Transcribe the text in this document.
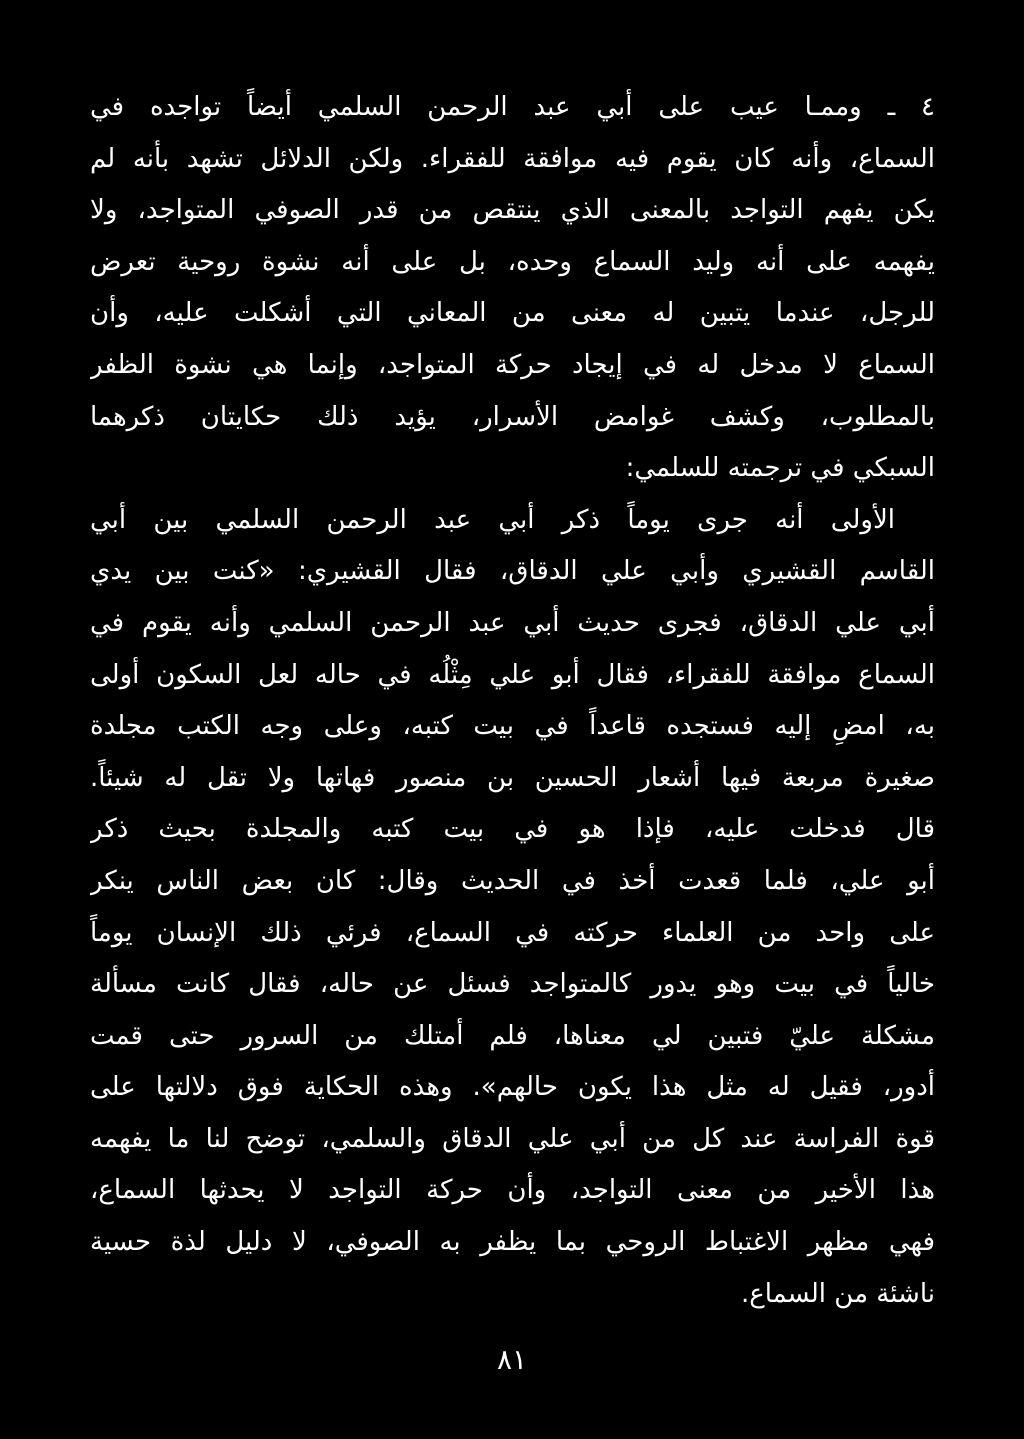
٤ ـ وممـا عيب علی أبي عبد الرحمن السلمي أيضاً تواجده في
السماع، وأنه كان يقوم فيه موافقة للفقراء. ولكن الدلائل تشهد بأنه لم
يكن يفهم التواجد بالمعنى الذي ينتقص من قدر الصوفي المتواجد، ولا
يفهمه على أنه وليد السماع وحده، بل على أنه نشوة روحية تعرض
للرجل، عندما يتبين له معنی من المعاني التي أشكلت عليه، وأن
السماع لا مدخل له في إيجاد حركة المتواجد، وإنما هي نشوة الظفر
بالمطلوب، وكشف غوامض الأسرار، يؤيد ذلك حكايتان ذكرهما
السبكي في ترجمته للسلمي:
الأولى أنه جرى يوماً ذكر أبي عبد الرحمن السلمي بين أبي
القاسم القشيري وأبي علي الدقاق، فقال القشيري: «كنت بين يدي
أبي علي الدقاق، فجرى حديث أبي عبد الرحمن السلمي وأنه يقوم في
السماع موافقة للفقراء، فقال أبو علي مِثْلُه في حاله لعل السكون أولى
به، امضِ إليه فستجده قاعداً في بيت كتبه، وعلى وجه الكتب مجلدة
صغيرة مربعة فيها أشعار الحسين بن منصور فهاتها ولا تقل له شيئاً.
قال فدخلت عليه، فإذا هو في بيت كتبه والمجلدة بحيث ذكر
أبو علي، فلما قعدت أخذ في الحديث وقال: كان بعض الناس ينكر
على واحد من العلماء حركته في السماع، فرئي ذلك الإنسان يوماً
خالياً في بيت وهو يدور كالمتواجد فسئل عن حاله، فقال كانت مسألة
مشكلة عليّ فتبين لي معناها، فلم أمتلك من السرور حتى قمت
أدور، فقيل له مثل هذا يكون حالهم». وهذه الحكاية فوق دلالتها على
قوة الفراسة عند كل من أبي علي الدقاق والسلمي، توضح لنا ما يفهمه
هذا الأخير من معنى التواجد، وأن حركة التواجد لا يحدثها السماع،
فهي مظهر الاغتباط الروحي بما يظفر به الصوفي، لا دليل لذة حسية
ناشئة من السماع.
٨١
